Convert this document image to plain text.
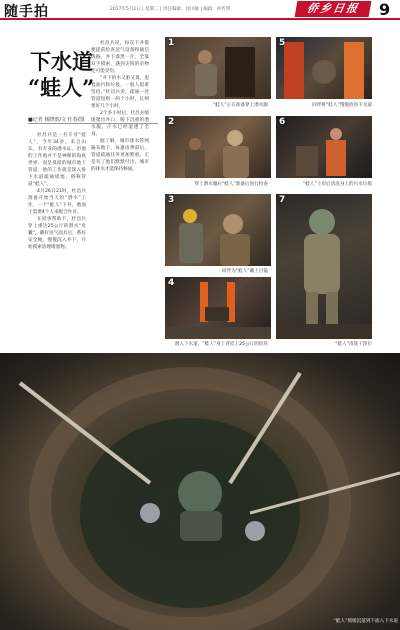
随手拍	2017年5月2日 | 星期二 | 责任编辑：徐川敏 | 编辑：孙传明	侨乡日报	9
下水道
“蛙人”
■记者 杨晓雨/文 杜春/图

杜昌兵是一名专业“蛙人”，今年34岁，来自山东，有专业的潜水证。但他的工作地并不是神秘的海底世界，而是臭暗的城市地下管道，他的工作就是深入排下水道疏通堵塞，俗称管道“蛙人”。

4月26日21时，杜昌兵准备开始当天的“潜水”工作，一个“蛙人”下井，地面上需要4个人来配合作业。

在同事帮助下，杜昌兵穿上重达25公斤的潜水“皮囊”，戴好送气面具后，系好安全绳，慢慢沉入井下，开始摸索清理堵塞物。

杜昌兵说，每次下井都要提前检查送气设备和通信线路，井下漆黑一片，全靠双手摸索，遇到尖锐的杂物还可能受伤。

“井下的水又脏又臭，混着油污和垃圾，一般人很难坚持。”杜昌兵说，疏通一处管道短则一两个小时，长则要好几个小时。

2个多小时后，杜昌兵缓缓爬出井口，脱下沉重的潜水服，汗水已经湿透了全身。

据了解，城市排水管网遍布地下，每逢雨季前后，管道疏通任务更加繁重。正是有了他们默默付出，城市的排水才能保持畅通。

1
“蛙人”正在准备穿上潜水服
2
穿上潜水服后“蛙人”准备后进行检查
3
同伴为“蛙人”戴上目镜
4
潜入下水道，“蛙人”身上背挂上25公斤的铅块
5
同伴将“蛙人”慢慢放进下水道
6
“蛙人”上岸后清洗身上的污水垃圾
7
“蛙人”清洗干净后
“蛙人”缓缓沉落到下面入下水道
